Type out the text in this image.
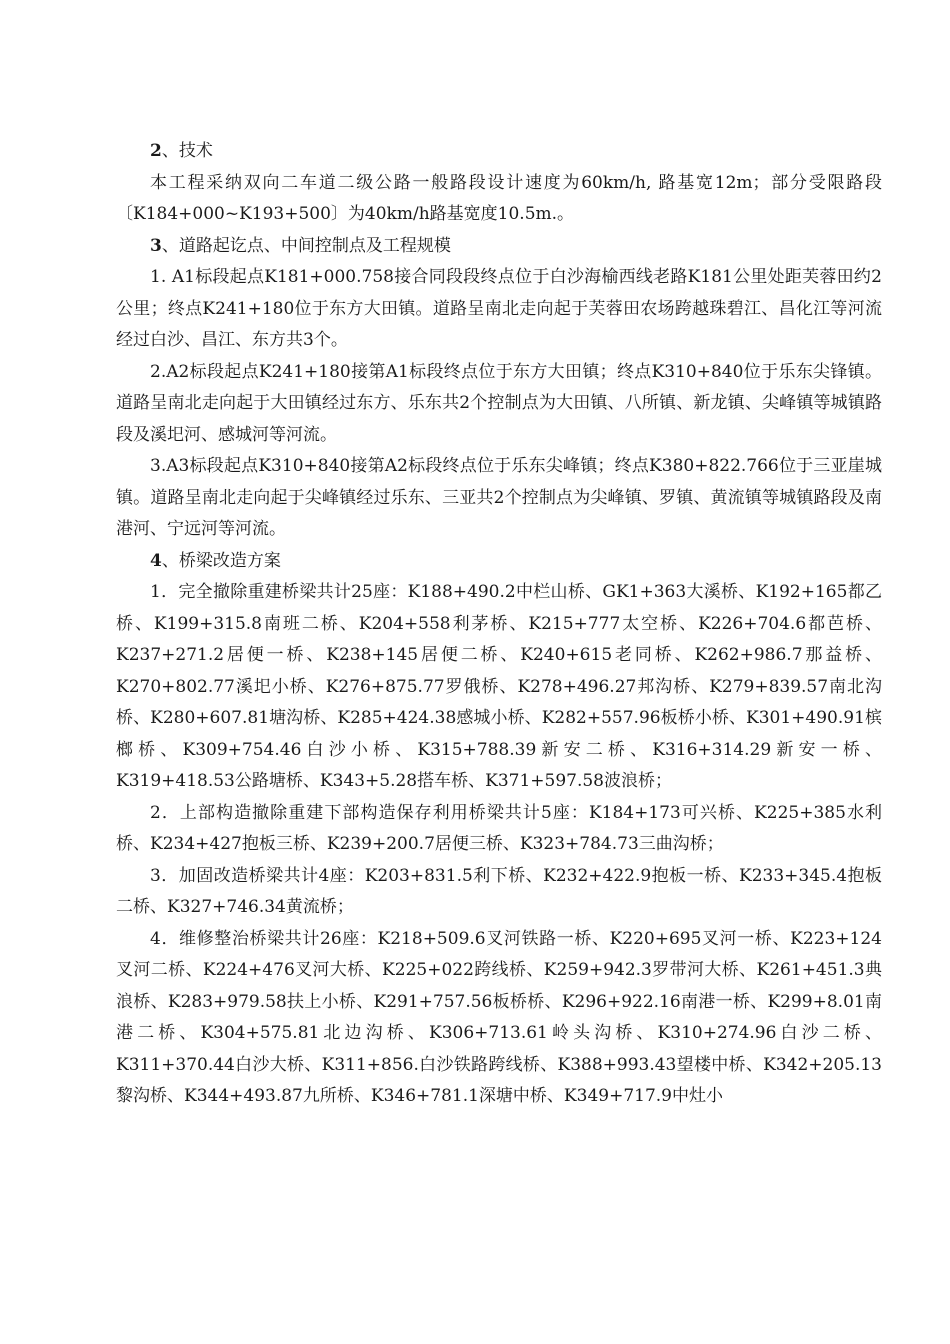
2、技术

本工程采纳双向二车道二级公路一般路段设计速度为60km/h, 路基宽12m；部分受限路段〔K184+000~K193+500〕为40km/h路基宽度10.5m.。

3、道路起讫点、中间控制点及工程规模

1. A1标段起点K181+000.758接合同段段终点位于白沙海榆西线老路K181公里处距芙蓉田约2公里；终点K241+180位于东方大田镇。道路呈南北走向起于芙蓉田农场跨越珠碧江、昌化江等河流经过白沙、昌江、东方共3个。

2.A2标段起点K241+180接第A1标段终点位于东方大田镇；终点K310+840位于乐东尖锋镇。道路呈南北走向起于大田镇经过东方、乐东共2个控制点为大田镇、八所镇、新龙镇、尖峰镇等城镇路段及溪圯河、感城河等河流。

3.A3标段起点K310+840接第A2标段终点位于乐东尖峰镇；终点K380+822.766位于三亚崖城镇。道路呈南北走向起于尖峰镇经过乐东、三亚共2个控制点为尖峰镇、罗镇、黄流镇等城镇路段及南港河、宁远河等河流。

4、桥梁改造方案

1．完全撤除重建桥梁共计25座：K188+490.2中栏山桥、GK1+363大溪桥、K192+165都乙桥、K199+315.8南班二桥、K204+558利茅桥、K215+777太空桥、K226+704.6都芭桥、K237+271.2居便一桥、K238+145居便二桥、K240+615老同桥、K262+986.7那益桥、K270+802.77溪圯小桥、K276+875.77罗俄桥、K278+496.27邦沟桥、K279+839.57南北沟桥、K280+607.81塘沟桥、K285+424.38感城小桥、K282+557.96板桥小桥、K301+490.91槟榔桥、K309+754.46白沙小桥、K315+788.39新安二桥、K316+314.29新安一桥、K319+418.53公路塘桥、K343+5.28搭车桥、K371+597.58波浪桥；

2．上部构造撤除重建下部构造保存利用桥梁共计5座：K184+173可兴桥、K225+385水利桥、K234+427抱板三桥、K239+200.7居便三桥、K323+784.73三曲沟桥；

3．加固改造桥梁共计4座：K203+831.5利下桥、K232+422.9抱板一桥、K233+345.4抱板二桥、K327+746.34黄流桥；

4．维修整治桥梁共计26座：K218+509.6叉河铁路一桥、K220+695叉河一桥、K223+124叉河二桥、K224+476叉河大桥、K225+022跨线桥、K259+942.3罗带河大桥、K261+451.3典浪桥、K283+979.58扶上小桥、K291+757.56板桥桥、K296+922.16南港一桥、K299+8.01南港二桥、K304+575.81北边沟桥、K306+713.61岭头沟桥、K310+274.96白沙二桥、K311+370.44白沙大桥、K311+856.白沙铁路跨线桥、K388+993.43望楼中桥、K342+205.13黎沟桥、K344+493.87九所桥、K346+781.1深塘中桥、K349+717.9中灶小
